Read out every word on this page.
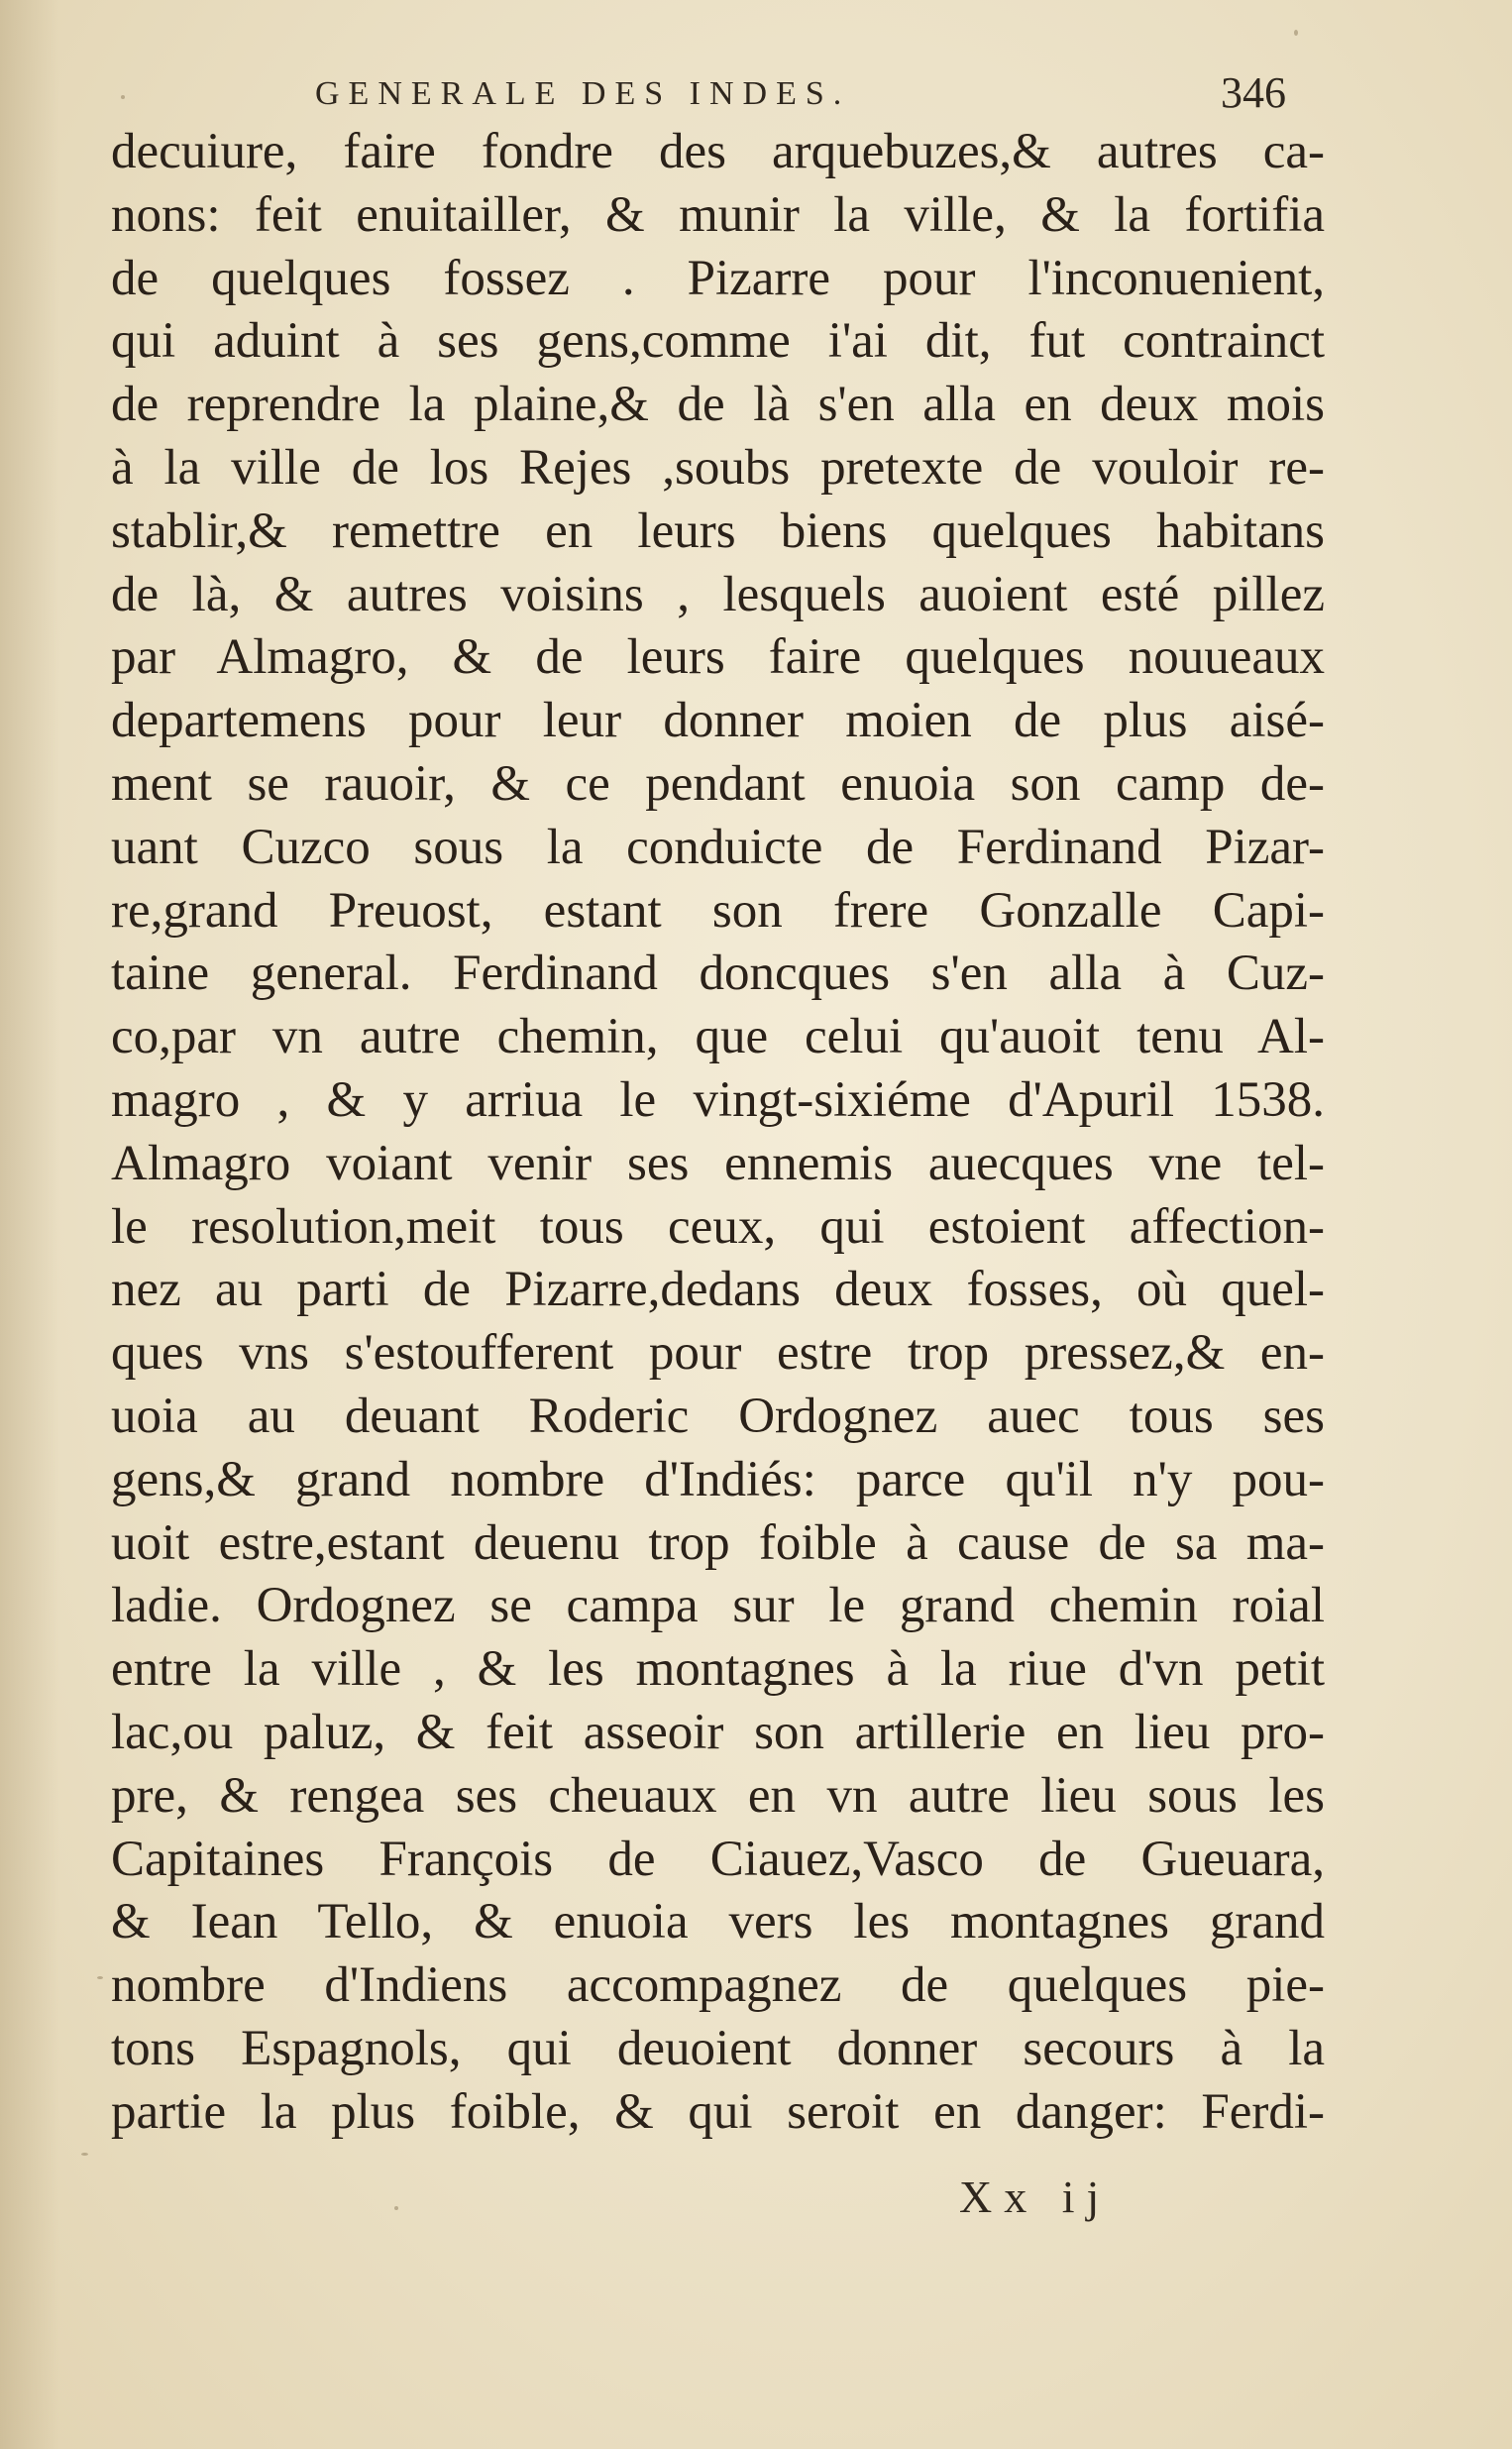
GENERALE DES INDES.	346
decuiure, faire fondre des arquebuzes,& autres ca-
nons: feit enuitailler, & munir la ville, & la fortifia
de quelques fossez . Pizarre pour l'inconuenient,
qui aduint à ses gens,comme i'ai dit, fut contrainct
de reprendre la plaine,& de là s'en alla en deux mois
à la ville de los Rejes ,soubs pretexte de vouloir re-
stablir,& remettre en leurs biens quelques habitans
de là, & autres voisins , lesquels auoient esté pillez
par Almagro, & de leurs faire quelques nouueaux
departemens pour leur donner moien de plus aisé-
ment se rauoir, & ce pendant enuoia son camp de-
uant Cuzco sous la conduicte de Ferdinand Pizar-
re,grand Preuost, estant son frere Gonzalle Capi-
taine general. Ferdinand doncques s'en alla à Cuz-
co,par vn autre chemin, que celui qu'auoit tenu Al-
magro , & y arriua le vingt-sixiéme d'Apuril 1538.
Almagro voiant venir ses ennemis auecques vne tel-
le resolution,meit tous ceux, qui estoient affection-
nez au parti de Pizarre,dedans deux fosses, où quel-
ques vns s'estoufferent pour estre trop pressez,& en-
uoia au deuant Roderic Ordognez auec tous ses
gens,& grand nombre d'Indiés: parce qu'il n'y pou-
uoit estre,estant deuenu trop foible à cause de sa ma-
ladie. Ordognez se campa sur le grand chemin roial
entre la ville , & les montagnes à la riue d'vn petit
lac,ou paluz, & feit asseoir son artillerie en lieu pro-
pre, & rengea ses cheuaux en vn autre lieu sous les
Capitaines François de Ciauez,Vasco de Gueuara,
& Iean Tello, & enuoia vers les montagnes grand
nombre d'Indiens accompagnez de quelques pie-
tons Espagnols, qui deuoient donner secours à la
partie la plus foible, & qui seroit en danger: Ferdi-
Xx ij
